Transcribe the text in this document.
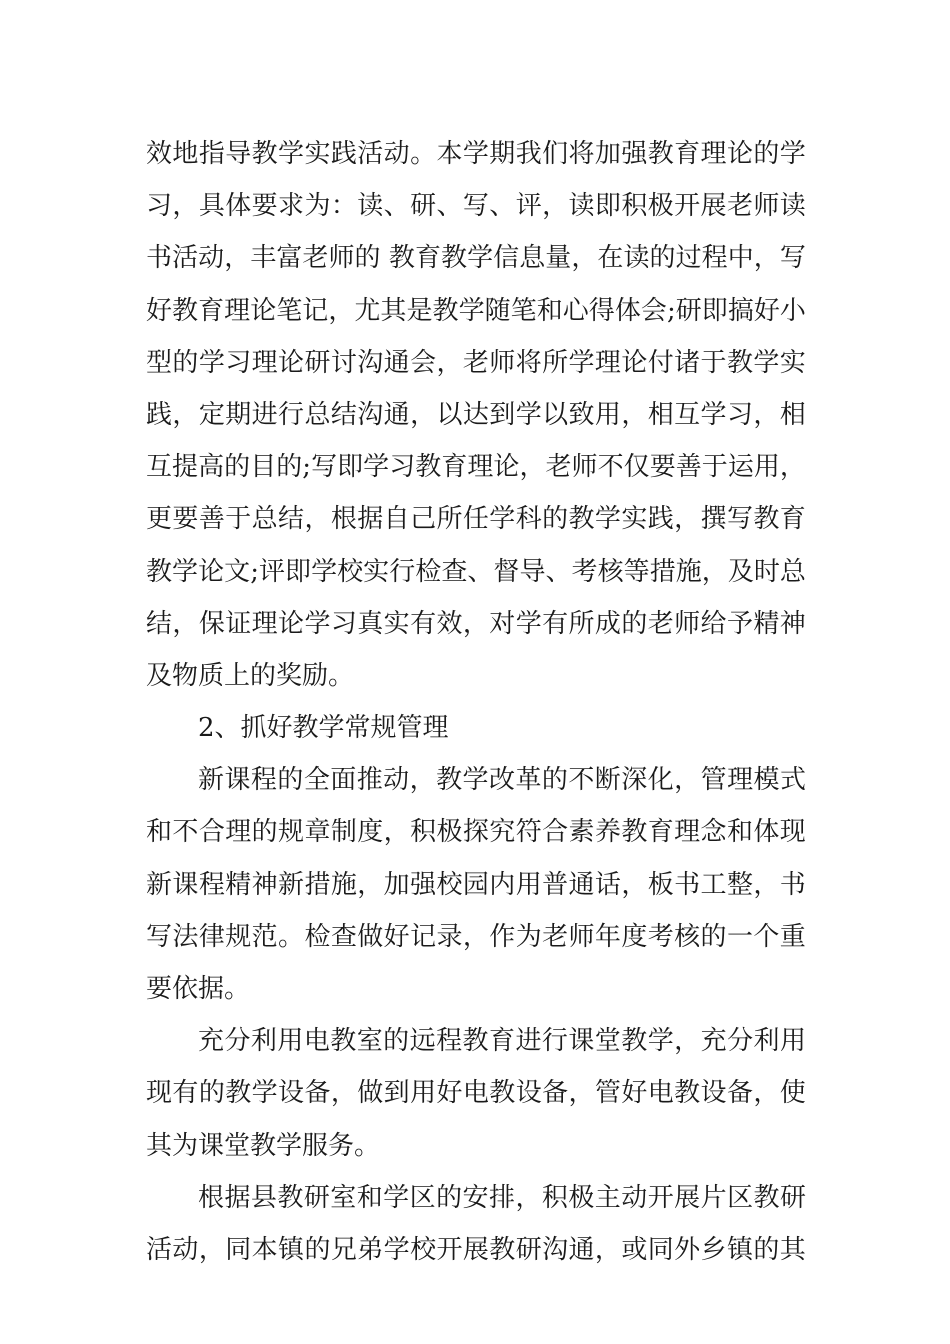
效 地 指 导 教 学 实 践 活 动 。 本 学 期 我 们 将 加 强 教 育 理 论 的 学
习 ， 具 体 要 求 为 ： 读 、 研 、 写 、 评 ， 读 即 积 极 开 展 老 师 读
书 活 动 ， 丰 富 老 师 的
教 育 教 学 信 息 量 ， 在 读 的 过 程 中 ， 写
好 教 育 理 论 笔 记 ， 尤 其 是 教 学 随 笔 和 心 得 体 会 ; 研 即 搞 好 小
型 的 学 习 理 论 研 讨 沟 通 会 ， 老 师 将 所 学 理 论 付 诸 于 教 学 实
践 ， 定 期 进 行 总 结 沟 通 ， 以 达 到 学 以 致 用 ， 相 互 学 习 ， 相
互 提 高 的 目 的 ; 写 即 学 习 教 育 理 论 ， 老 师 不 仅 要 善 于 运 用 ，
更 要 善 于 总 结 ， 根 据 自 己 所 任 学 科 的 教 学 实 践 ， 撰 写 教 育
教 学 论 文 ; 评 即 学 校 实 行 检 查 、 督 导 、 考 核 等 措 施 ， 及 时 总
结 ， 保 证 理 论 学 习 真 实 有 效 ， 对 学 有 所 成 的 老 师 给 予 精 神
及物质上的奖励。
2、抓好教学常规管理
新 课 程 的 全 面 推 动 ， 教 学 改 革 的 不 断 深 化 ， 管 理 模 式
和 不 合 理 的 规 章 制 度 ， 积 极 探 究 符 合 素 养 教 育 理 念 和 体 现
新 课 程 精 神 新 措 施 ， 加 强 校 园 内 用 普 通 话 ， 板 书 工 整 ， 书
写 法 律 规 范 。 检 查 做 好 记 录 ， 作 为 老 师 年 度 考 核 的 一 个 重
要依据。
充 分 利 用 电 教 室 的 远 程 教 育 进 行 课 堂 教 学 ， 充 分 利 用
现 有 的 教 学 设 备 ， 做 到 用 好 电 教 设 备 ， 管 好 电 教 设 备 ， 使
其为课堂教学服务。
根 据 县 教 研 室 和 学 区 的 安 排 ， 积 极 主 动 开 展 片 区 教 研
活 动 ， 同 本 镇 的 兄 弟 学 校 开 展 教 研 沟 通 ， 或 同 外 乡 镇 的 其
